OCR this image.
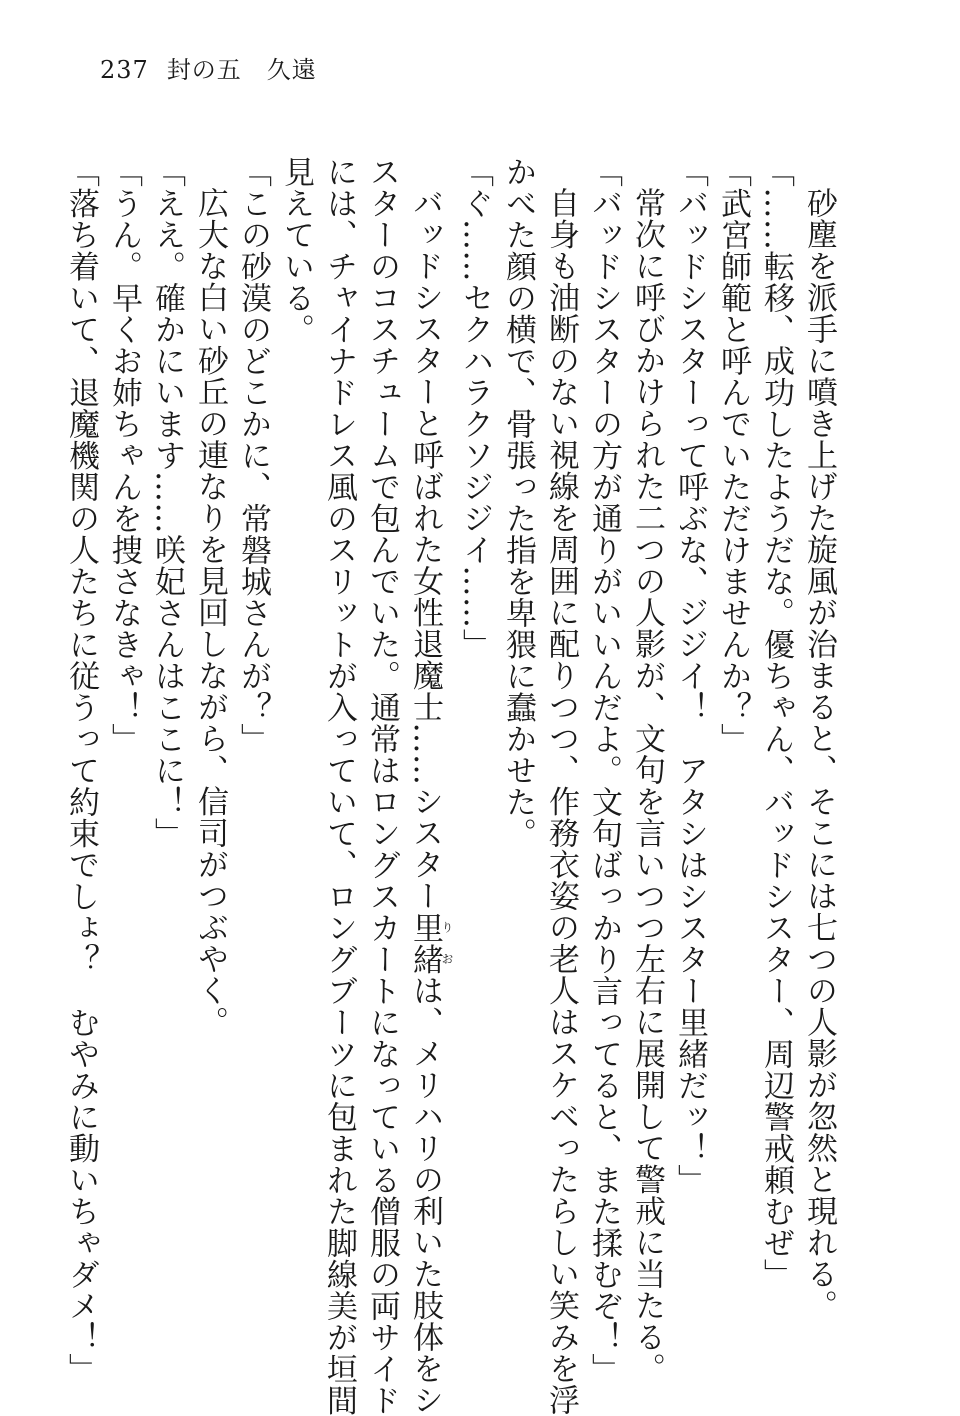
237 封の五　久遠
砂塵を派手に噴き上げた旋風が治まると、そこには七つの人影が忽然と現れる。
「……転移、成功したようだな。優ちゃん、バッドシスター、周辺警戒頼むぜ」
「武宮師範と呼んでいただけませんか？」
「バッドシスターって呼ぶな、ジジイ！　アタシはシスター里緒だッ！」
常次に呼びかけられた二つの人影が、文句を言いつつ左右に展開して警戒に当たる。
「バッドシスターの方が通りがいいんだよ。文句ばっかり言ってると、また揉むぞ！」
自身も油断のない視線を周囲に配りつつ、作務衣姿の老人はスケベったらしい笑みを浮
かべた顔の横で、骨張った指を卑猥に蠢かせた。
「ぐ……セクハラクソジジイ……」
バッドシスターと呼ばれた女性退魔士……シスター里緒りおは、メリハリの利いた肢体をシ
スターのコスチュームで包んでいた。通常はロングスカートになっている僧服の両サイド
には、チャイナドレス風のスリットが入っていて、ロングブーツに包まれた脚線美が垣間
見えている。
「この砂漠のどこかに、常磐城さんが？」
広大な白い砂丘の連なりを見回しながら、信司がつぶやく。
「ええ。確かにいます……咲妃さんはここに！」
「うん。早くお姉ちゃんを捜さなきゃ！」
「落ち着いて、退魔機関の人たちに従うって約束でしょ？　むやみに動いちゃダメ！」
